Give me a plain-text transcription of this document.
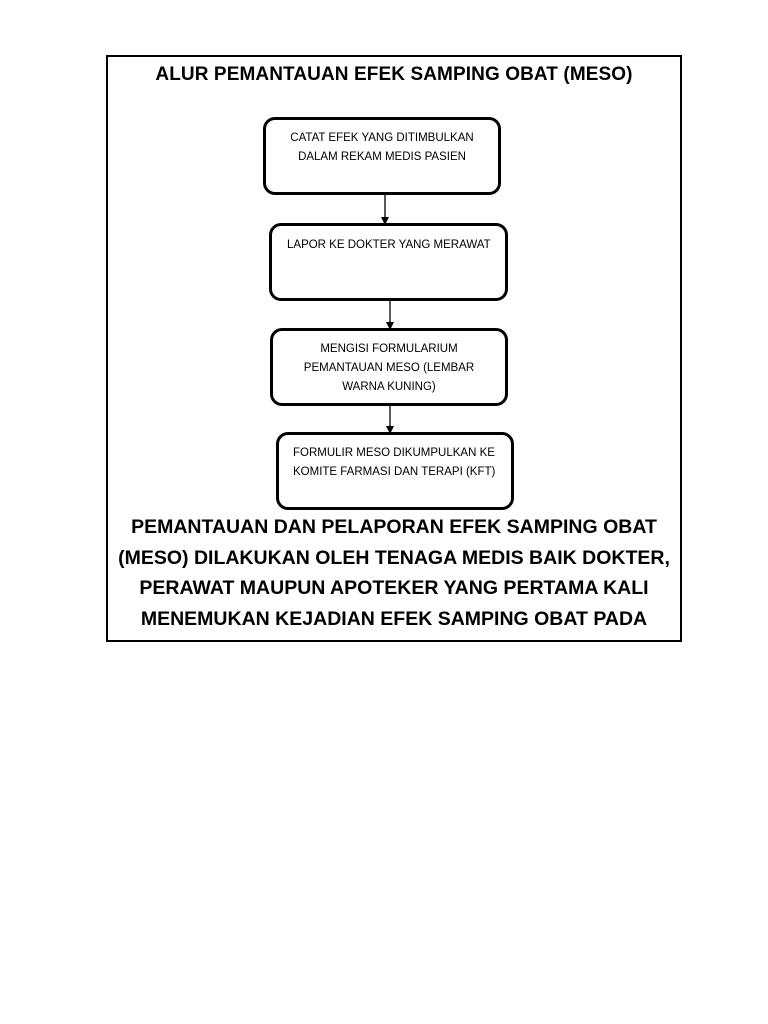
ALUR PEMANTAUAN EFEK SAMPING OBAT (MESO)
CATAT EFEK YANG DITIMBULKAN
DALAM REKAM MEDIS PASIEN
LAPOR KE DOKTER YANG MERAWAT
MENGISI FORMULARIUM
PEMANTAUAN MESO (LEMBAR
WARNA KUNING)
FORMULIR MESO DIKUMPULKAN KE
KOMITE FARMASI DAN TERAPI (KFT)
PEMANTAUAN DAN PELAPORAN EFEK SAMPING OBAT
(MESO) DILAKUKAN OLEH TENAGA MEDIS BAIK DOKTER,
PERAWAT MAUPUN APOTEKER YANG PERTAMA KALI
MENEMUKAN KEJADIAN EFEK SAMPING OBAT PADA
